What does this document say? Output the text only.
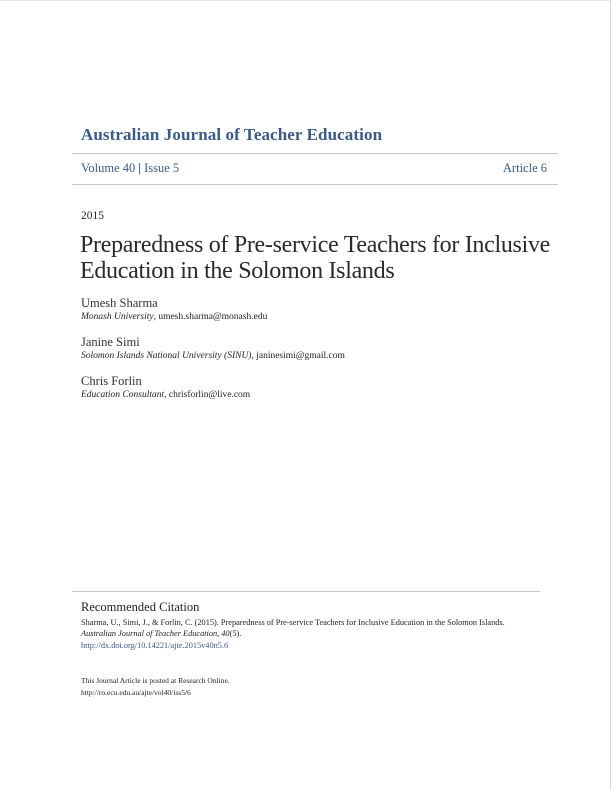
Australian Journal of Teacher Education
Volume 40 | Issue 5	Article 6
2015
Preparedness of Pre-service Teachers for Inclusive Education in the Solomon Islands
Umesh Sharma
Monash University, umesh.sharma@monash.edu
Janine Simi
Solomon Islands National University (SINU), janinesimi@gmail.com
Chris Forlin
Education Consultant, chrisforlin@live.com
Recommended Citation
Sharma, U., Simi, J., & Forlin, C. (2015). Preparedness of Pre-service Teachers for Inclusive Education in the Solomon Islands.
Australian Journal of Teacher Education, 40(5).
http://dx.doi.org/10.14221/ajte.2015v40n5.6
This Journal Article is posted at Research Online.
http://ro.ecu.edu.au/ajte/vol40/iss5/6
